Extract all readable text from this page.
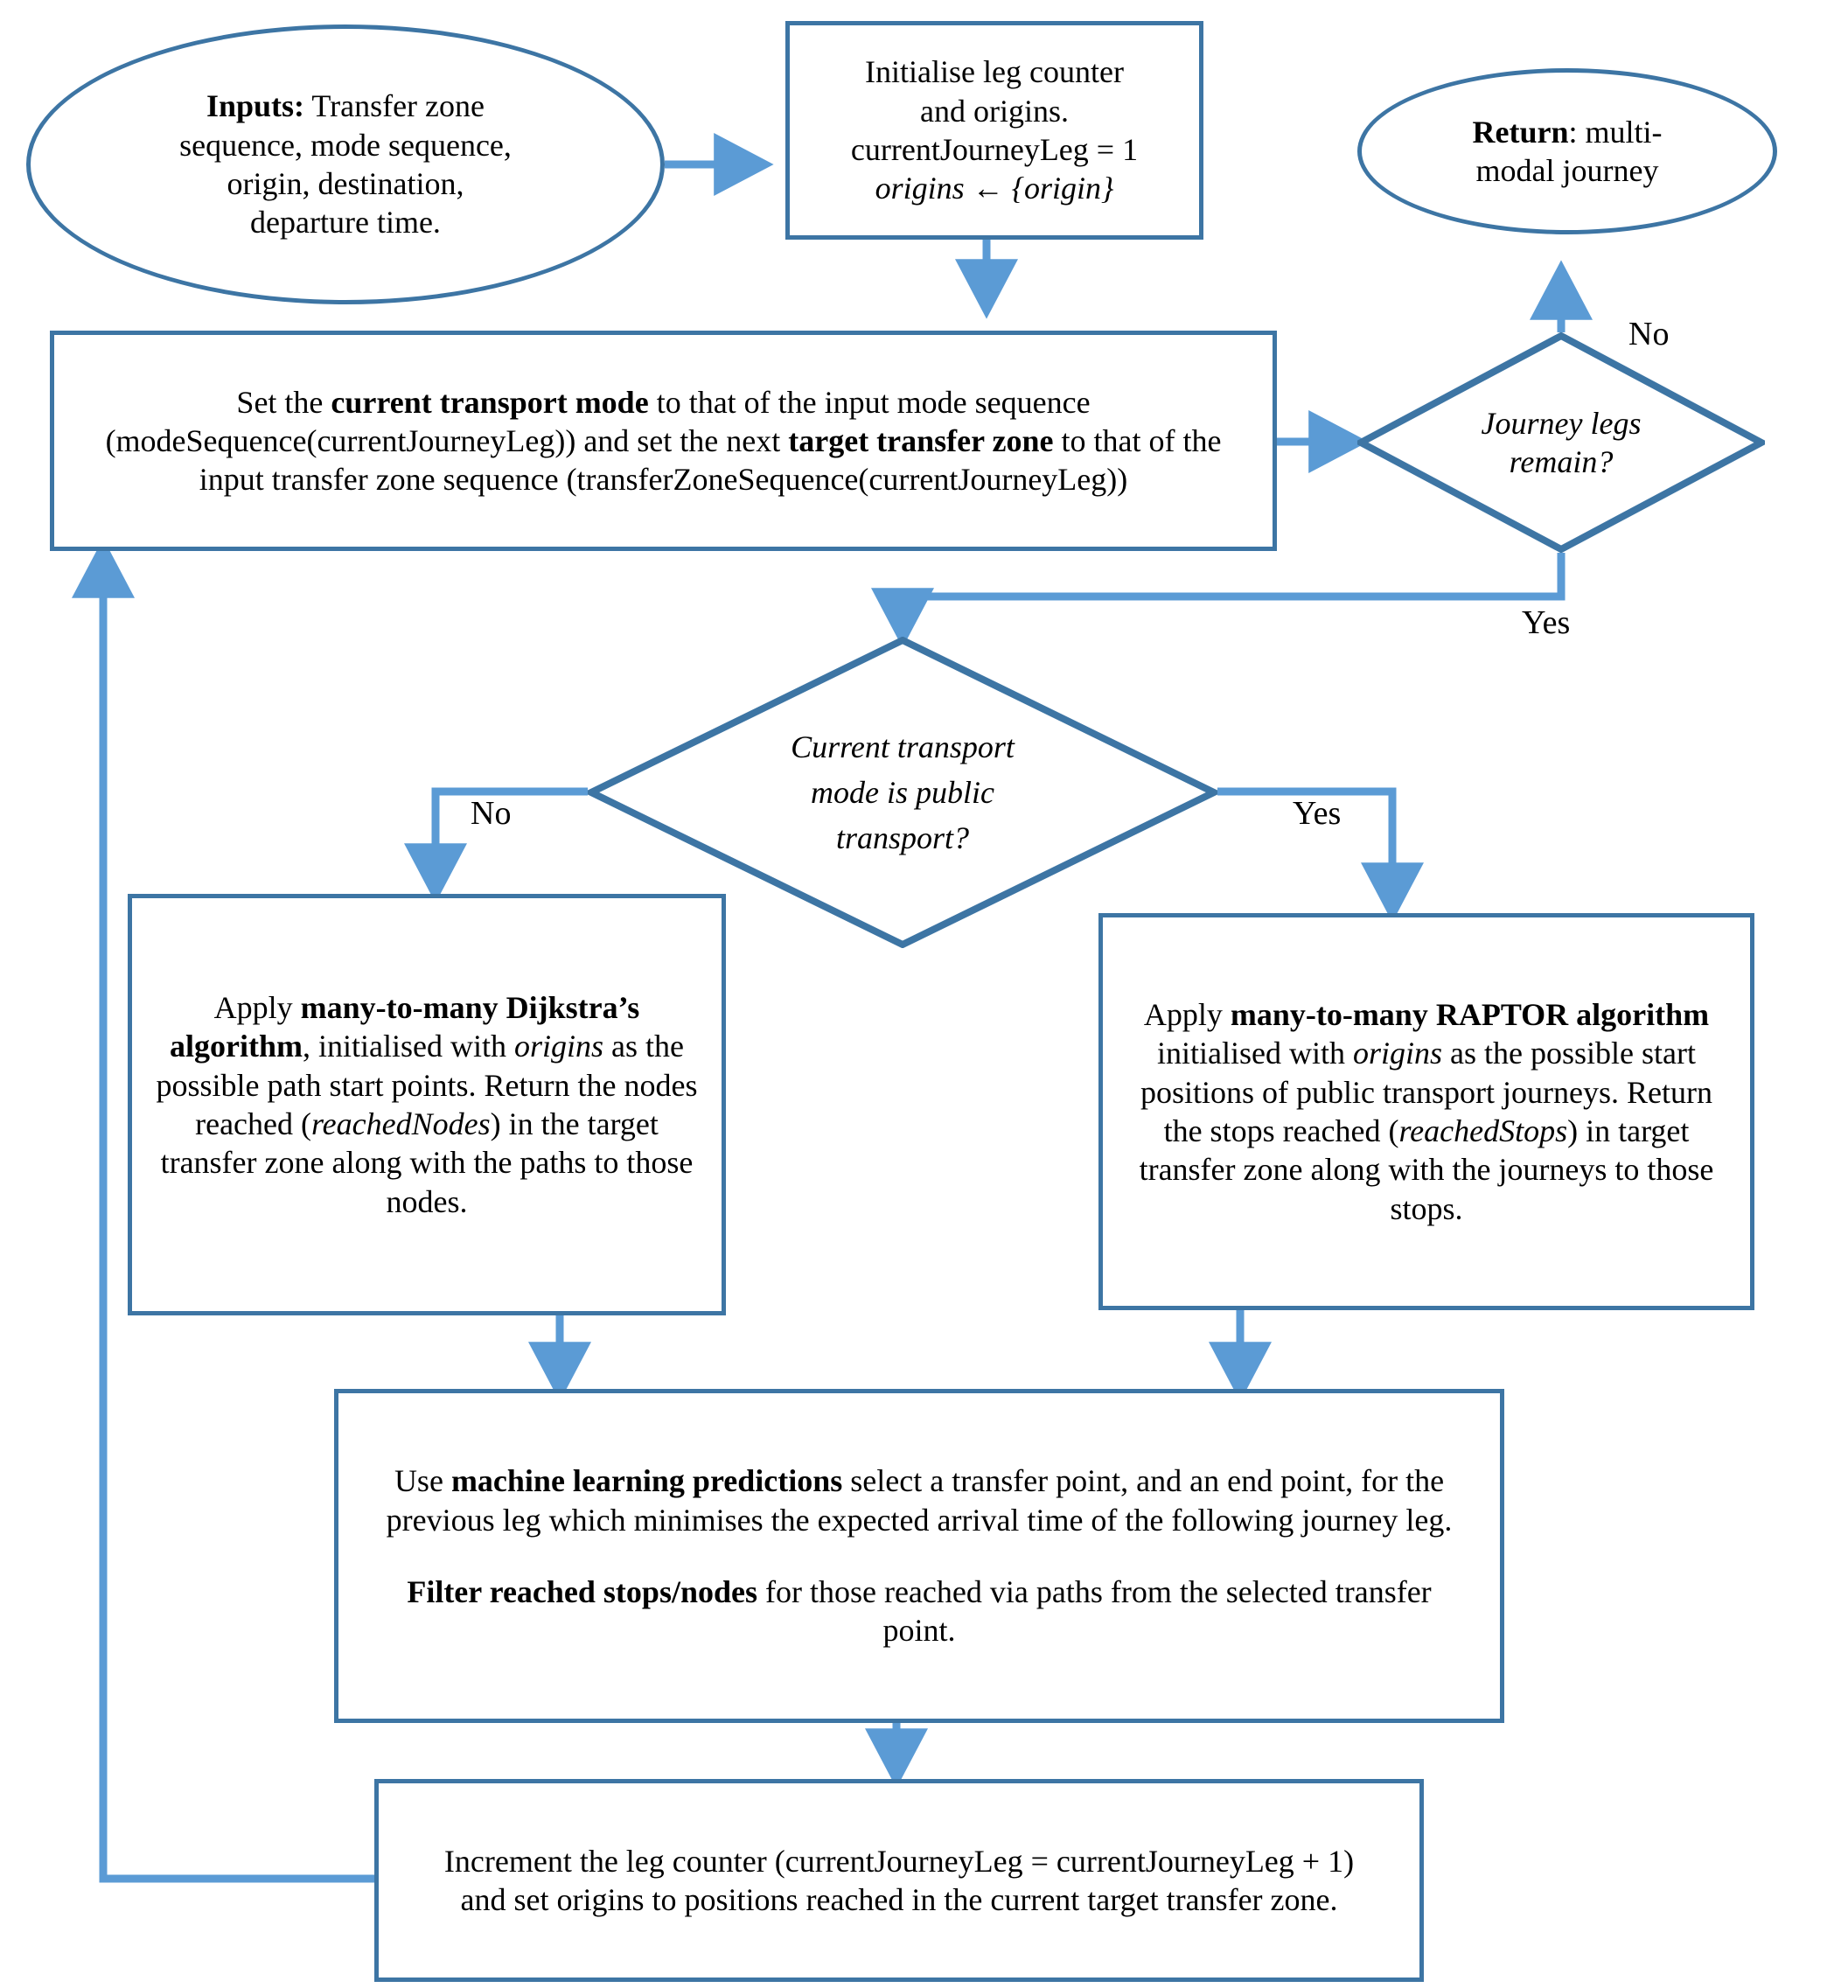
Inputs: Transfer zone
sequence, mode sequence,
origin, destination,
departure time.
Initialise leg counter
and origins.
currentJourneyLeg = 1
origins ← {origin}
Return: multi-
modal journey
Set the current transport mode to that of the input mode sequence (modeSequence(currentJourneyLeg)) and set the next target transfer zone to that of the input transfer zone sequence (transferZoneSequence(currentJourneyLeg))
Journey legs
remain?
Current transport
mode is public
transport?
Apply many-to-many Dijkstra’s algorithm, initialised with origins as the possible path start points. Return the nodes reached (reachedNodes) in the target transfer zone along with the paths to those nodes.
Apply many-to-many RAPTOR algorithm initialised with origins as the possible start positions of public transport journeys. Return the stops reached (reachedStops) in target transfer zone along with the journeys to those stops.
Use machine learning predictions select a transfer point, and an end point, for the previous leg which minimises the expected arrival time of the following journey leg.
Filter reached stops/nodes for those reached via paths from the selected transfer point.
Increment the leg counter (currentJourneyLeg = currentJourneyLeg + 1) and set origins to positions reached in the current target transfer zone.
No
Yes
No	Yes
